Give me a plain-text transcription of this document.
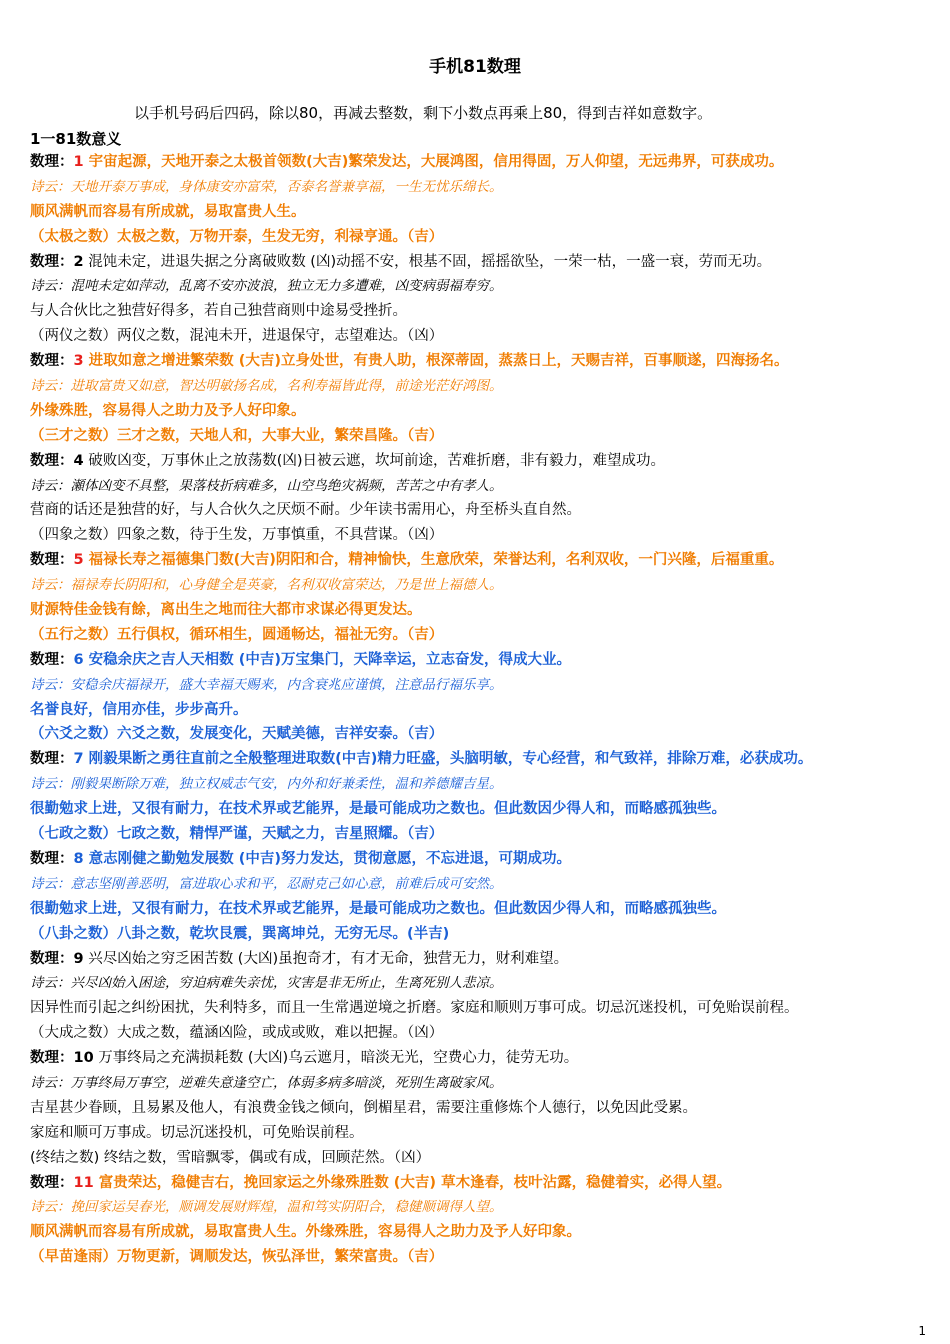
手机81数理
以手机号码后四码，除以80，再减去整数，剩下小数点再乘上80，得到吉祥如意数字。
1一81数意义
数理：1 宇宙起源，天地开泰之太极首领数(大吉)繁荣发达，大展鸿图，信用得固，万人仰望，无远弗界，可获成功。
诗云：天地开泰万事成，身体康安亦富荣，否泰名誉兼享福，一生无忧乐绵长。
顺风满帆而容易有所成就，易取富贵人生。
（太极之数）太极之数，万物开泰，生发无穷，利禄亨通。（吉）
数理：2 混饨未定，进退失据之分离破败数 (凶)动摇不安，根基不固，摇摇欲坠，一荣一枯，一盛一衰，劳而无功。
诗云：混吨未定如萍动，乱离不安亦波浪，独立无力多遭难，凶变病弱福寿穷。
与人合伙比之独营好得多，若自己独营商则中途易受挫折。
（两仪之数）两仪之数，混沌未开，进退保守，志望难达。（凶）
数理：3 进取如意之增进繁荣数 (大吉)立身处世，有贵人助，根深蒂固，蒸蒸日上，天赐吉祥，百事顺遂，四海扬名。
诗云：进取富贵又如意，智达明敏扬名成，名利寿福皆此得，前途光茫好鸿图。
外缘殊胜，容易得人之助力及予人好印象。
（三才之数）三才之数，天地人和，大事大业，繁荣昌隆。（吉）
数理：4 破败凶变，万事休止之放荡数(凶)日被云遮，坎坷前途，苦难折磨，非有毅力，难望成功。
诗云：瀬体凶变不具整，果落枝折病难多，山空鸟绝灾祸频，苦苦之中有孝人。
营商的话还是独营的好，与人合伙久之厌烦不耐。少年读书需用心，舟至桥头直自然。
（四象之数）四象之数，待于生发，万事慎重，不具营谋。（凶）
数理：5 福禄长寿之福德集门数(大吉)阴阳和合，精神愉快，生意欣荣，荣誉达利，名利双收，一门兴隆，后福重重。
诗云：福禄寿长阴阳和，心身健全是英豪，名利双收富荣达，乃是世上福德人。
财源特佳金钱有餘，离出生之地而往大都市求谋必得更发达。
（五行之数）五行俱权，循环相生，圆通畅达，福祉无穷。（吉）
数理：6 安稳余庆之吉人天相数 (中吉)万宝集门，天降幸运，立志奋发，得成大业。
诗云：安稳余庆福禄开，盛大幸福天赐来，内含衰兆应谨慎，注意品行福乐享。
名誉良好，信用亦佳，步步高升。
（六爻之数）六爻之数，发展变化，天赋美德，吉祥安泰。（吉）
数理：7 刚毅果断之勇往直前之全般整理进取数(中吉)精力旺盛，头脑明敏，专心经营，和气致祥，排除万难，必获成功。
诗云：刚毅果断除万难，独立权威志气安，内外和好兼柔性，温和养德耀吉星。
很勤勉求上进，又很有耐力，在技术界或艺能界，是最可能成功之数也。但此数因少得人和，而略感孤独些。
（七政之数）七政之数，精悍严谨，天赋之力，吉星照耀。（吉）
数理：8 意志刚健之勤勉发展数 (中吉)努力发达，贯彻意愿，不忘进退，可期成功。
诗云：意志坚刚善恶明，富进取心求和平，忍耐克己如心意，前难后成可安然。
很勤勉求上进，又很有耐力，在技术界或艺能界，是最可能成功之数也。但此数因少得人和，而略感孤独些。
（八卦之数）八卦之数，乾坎艮震，巽离坤兑，无穷无尽。(半吉)
数理：9 兴尽凶始之穷乏困苦数 (大凶)虽抱奇才，有才无命，独营无力，财利难望。
诗云：兴尽凶始入困途，穷迫病难失亲忧，灾害是非无所止，生离死别人悲凉。
因异性而引起之纠纷困扰，失利特多，而且一生常遇逆境之折磨。家庭和顺则万事可成。切忌沉迷投机，可免贻误前程。
（大成之数）大成之数，蕴涵凶险，或成或败，难以把握。（凶）
数理：10 万事终局之充满损耗数 (大凶)乌云遮月，暗淡无光，空费心力，徒劳无功。
诗云：万事终局万事空，逆难失意逢空亡，体弱多病多暗淡，死别生离破家风。
吉星甚少眷顾，且易累及他人，有浪费金钱之倾向，倒楣星君，需要注重修炼个人德行，以免因此受累。
家庭和顺可万事成。切忌沉迷投机，可免贻误前程。
(终结之数) 终结之数，雪暗飘零，偶或有成，回顾茫然。（凶）
数理：11 富贵荣达，稳健吉右，挽回家运之外缘殊胜数 (大吉) 草木逢春，枝叶沾露，稳健着实，必得人望。
诗云：挽回家运吴春光，顺调发展财辉煌，温和笃实阴阳合，稳健顺调得人望。
顺风满帆而容易有所成就，易取富贵人生。外缘殊胜，容易得人之助力及予人好印象。
（早苗逢雨）万物更新，调顺发达，恢弘泽世，繁荣富贵。（吉）
1
